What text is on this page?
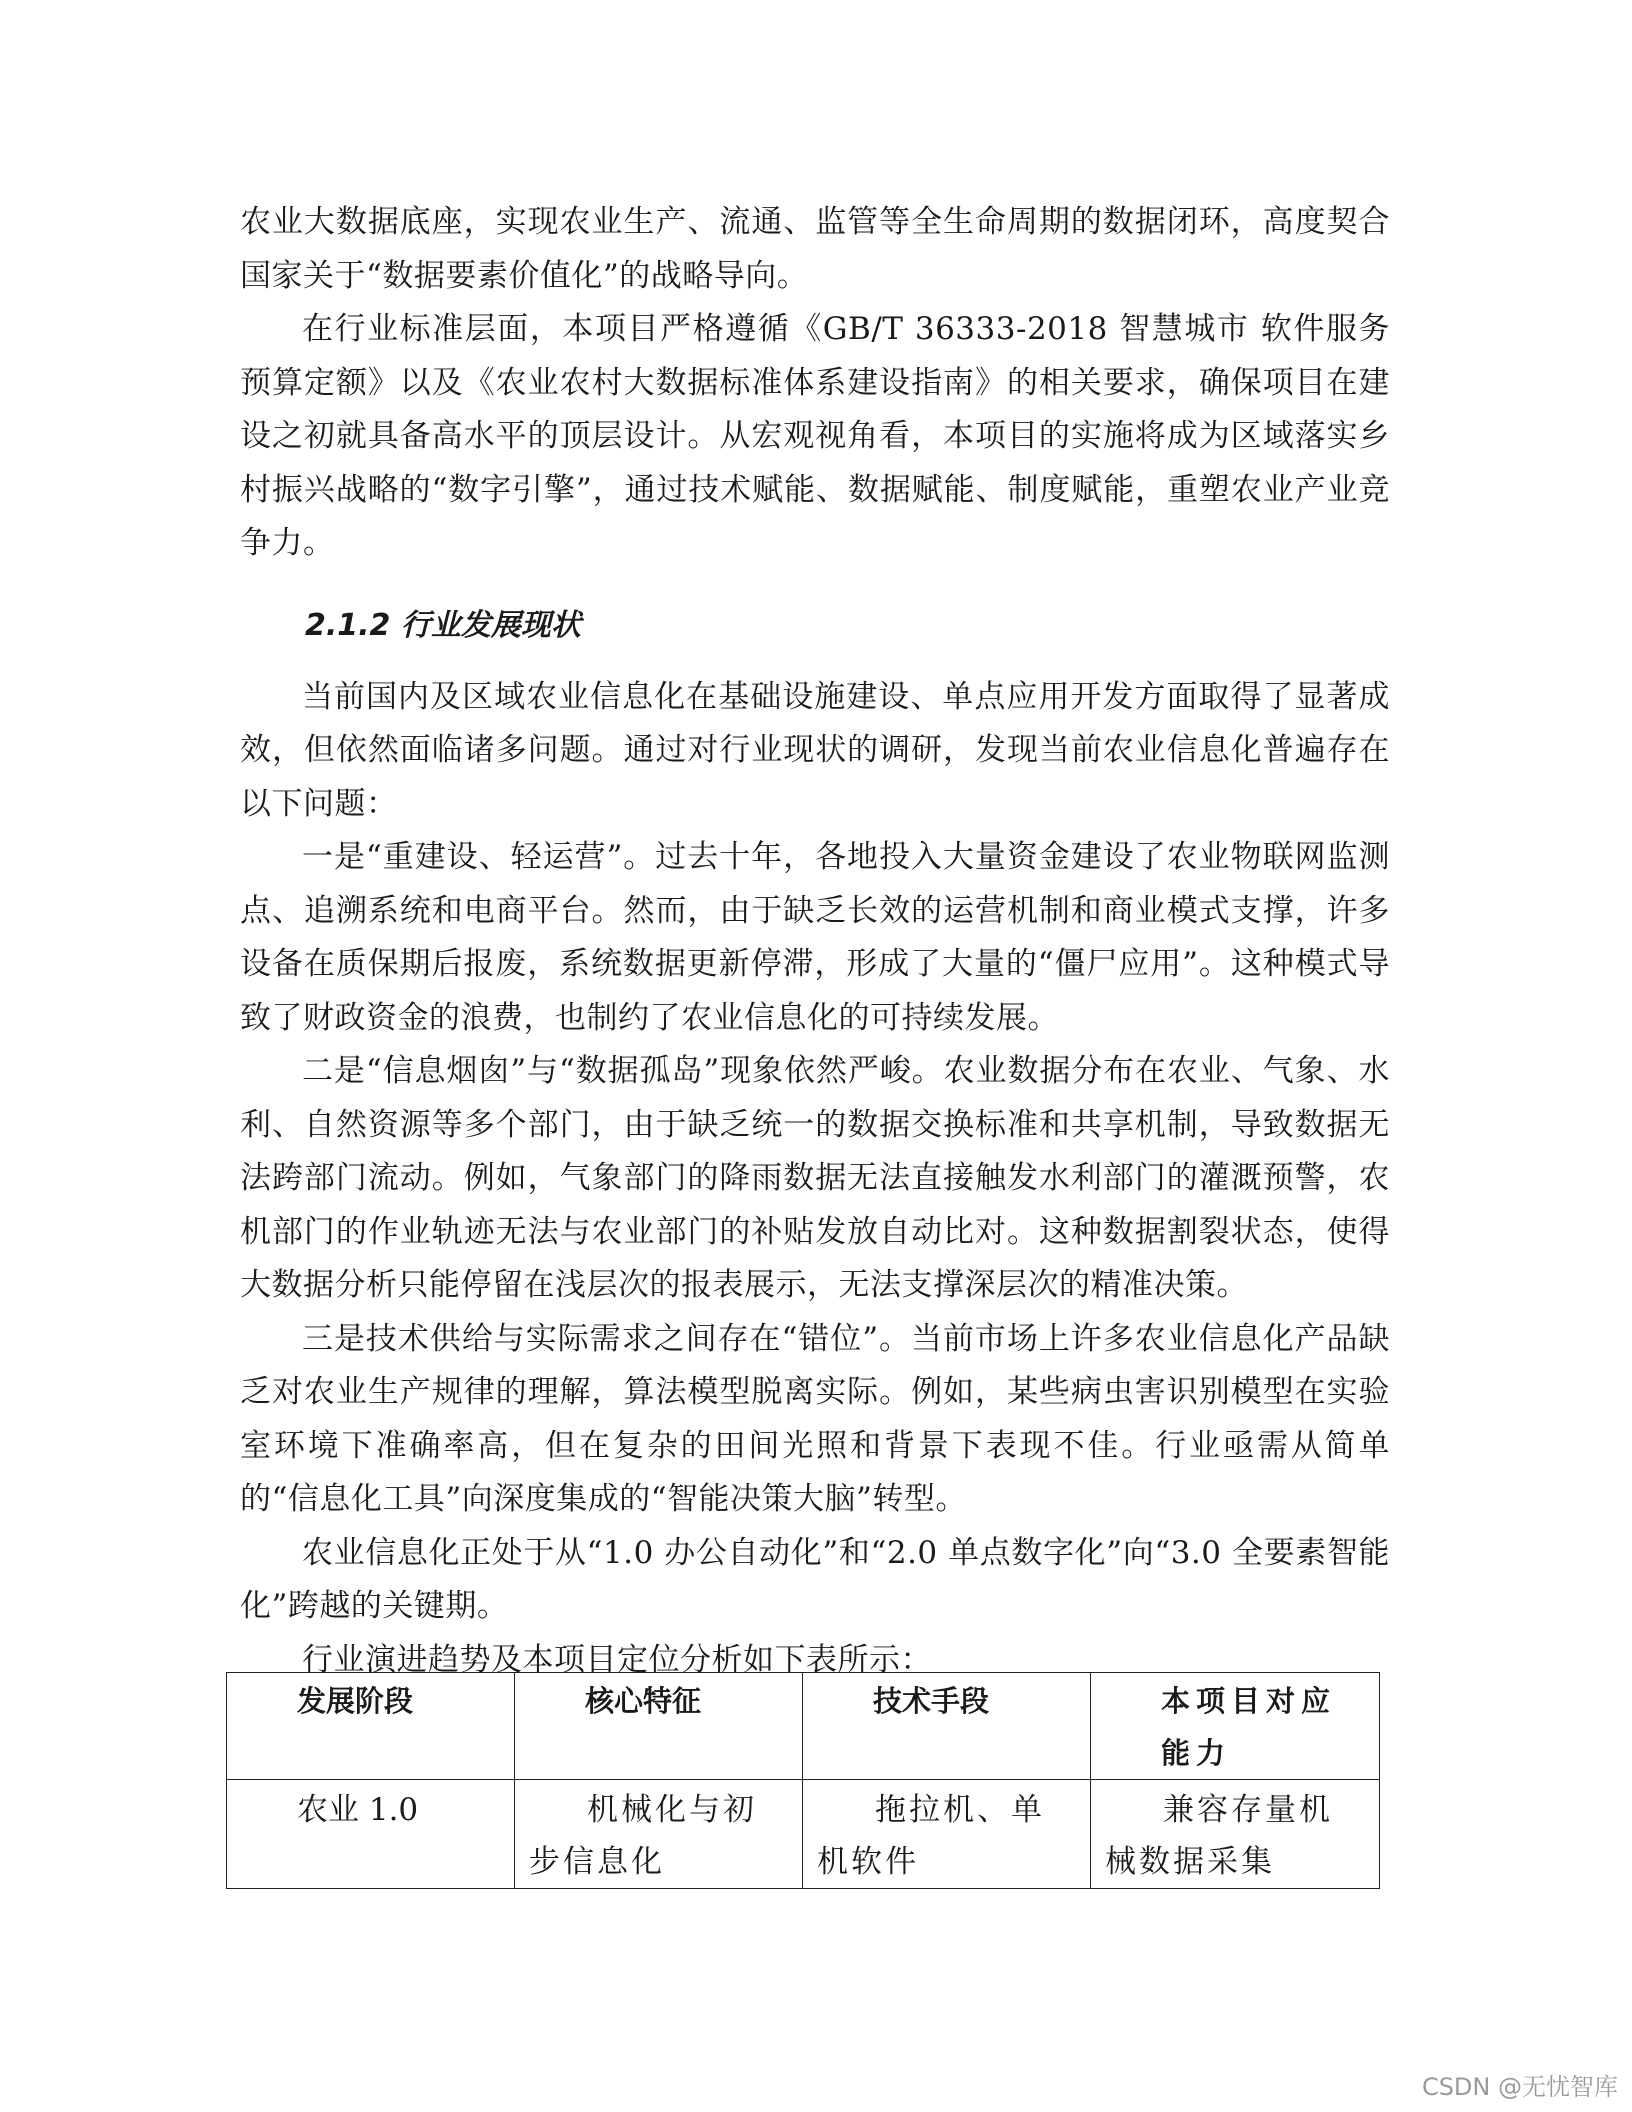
农业大数据底座，实现农业生产、流通、监管等全生命周期的数据闭环，高度契合国家关于“数据要素价值化”的战略导向。

在行业标准层面，本项目严格遵循《GB/T 36333-2018 智慧城市 软件服务预算定额》以及《农业农村大数据标准体系建设指南》的相关要求，确保项目在建设之初就具备高水平的顶层设计。从宏观视角看，本项目的实施将成为区域落实乡村振兴战略的“数字引擎”，通过技术赋能、数据赋能、制度赋能，重塑农业产业竞争力。

2.1.2 行业发展现状

当前国内及区域农业信息化在基础设施建设、单点应用开发方面取得了显著成效，但依然面临诸多问题。通过对行业现状的调研，发现当前农业信息化普遍存在以下问题：

一是“重建设、轻运营”。过去十年，各地投入大量资金建设了农业物联网监测点、追溯系统和电商平台。然而，由于缺乏长效的运营机制和商业模式支撑，许多设备在质保期后报废，系统数据更新停滞，形成了大量的“僵尸应用”。这种模式导致了财政资金的浪费，也制约了农业信息化的可持续发展。

二是“信息烟囱”与“数据孤岛”现象依然严峻。农业数据分布在农业、气象、水利、自然资源等多个部门，由于缺乏统一的数据交换标准和共享机制，导致数据无法跨部门流动。例如，气象部门的降雨数据无法直接触发水利部门的灌溉预警，农机部门的作业轨迹无法与农业部门的补贴发放自动比对。这种数据割裂状态，使得大数据分析只能停留在浅层次的报表展示，无法支撑深层次的精准决策。

三是技术供给与实际需求之间存在“错位”。当前市场上许多农业信息化产品缺乏对农业生产规律的理解，算法模型脱离实际。例如，某些病虫害识别模型在实验室环境下准确率高，但在复杂的田间光照和背景下表现不佳。行业亟需从简单的“信息化工具”向深度集成的“智能决策大脑”转型。

农业信息化正处于从“1.0 办公自动化”和“2.0 单点数字化”向“3.0 全要素智能化”跨越的关键期。

行业演进趋势及本项目定位分析如下表所示：

发展阶段	核心特征	技术手段	本项目对应能力
农业 1.0	机械化与初步信息化	拖拉机、单机软件	兼容存量机械数据采集
CSDN @无忧智库
